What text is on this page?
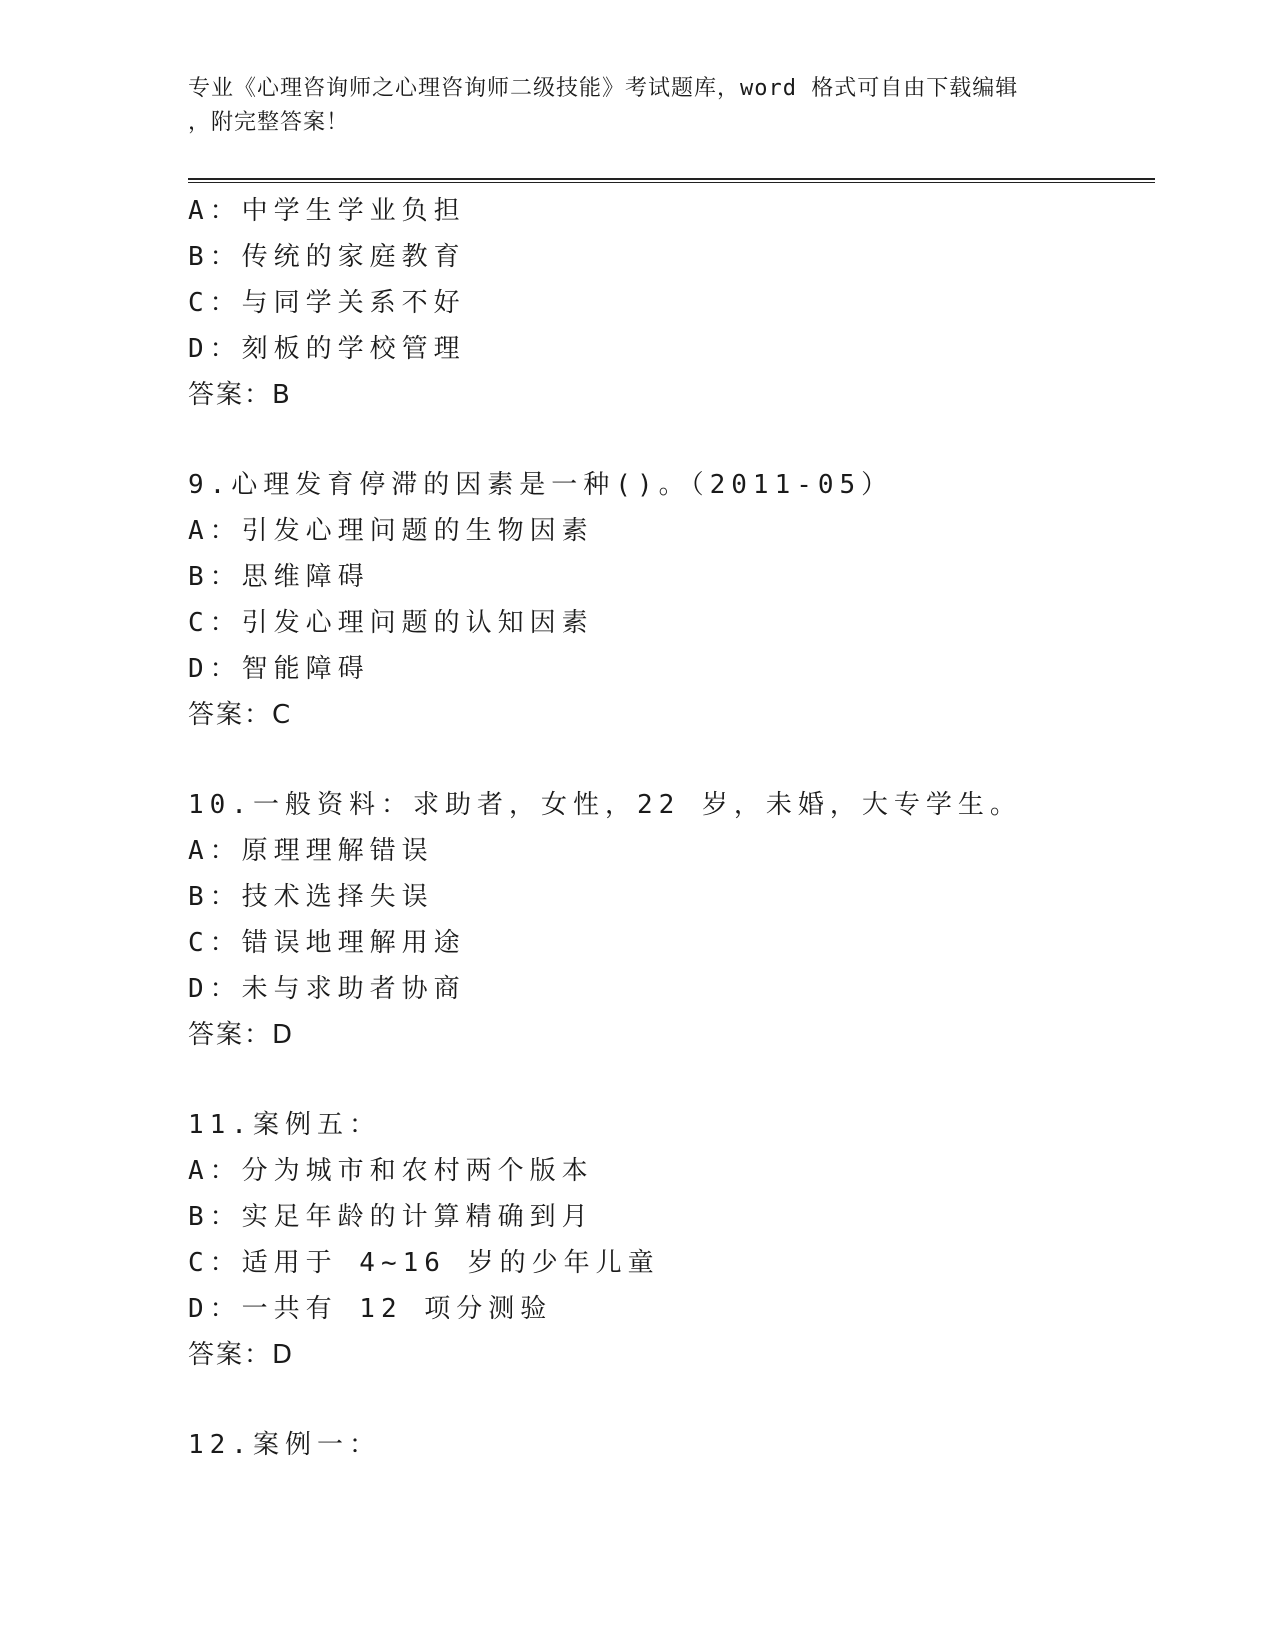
专业《心理咨询师之心理咨询师二级技能》考试题库，word 格式可自由下载编辑
，附完整答案！
A：中学生学业负担
B：传统的家庭教育
C：与同学关系不好
D：刻板的学校管理
答案：B
9.心理发育停滞的因素是一种()。（2011-05）
A：引发心理问题的生物因素
B：思维障碍
C：引发心理问题的认知因素
D：智能障碍
答案：C
10.一般资料：求助者，女性，22 岁，未婚，大专学生。
A：原理理解错误
B：技术选择失误
C：错误地理解用途
D：未与求助者协商
答案：D
11.案例五：
A：分为城市和农村两个版本
B：实足年龄的计算精确到月
C：适用于 4~16 岁的少年儿童
D：一共有 12 项分测验
答案：D
12.案例一：
